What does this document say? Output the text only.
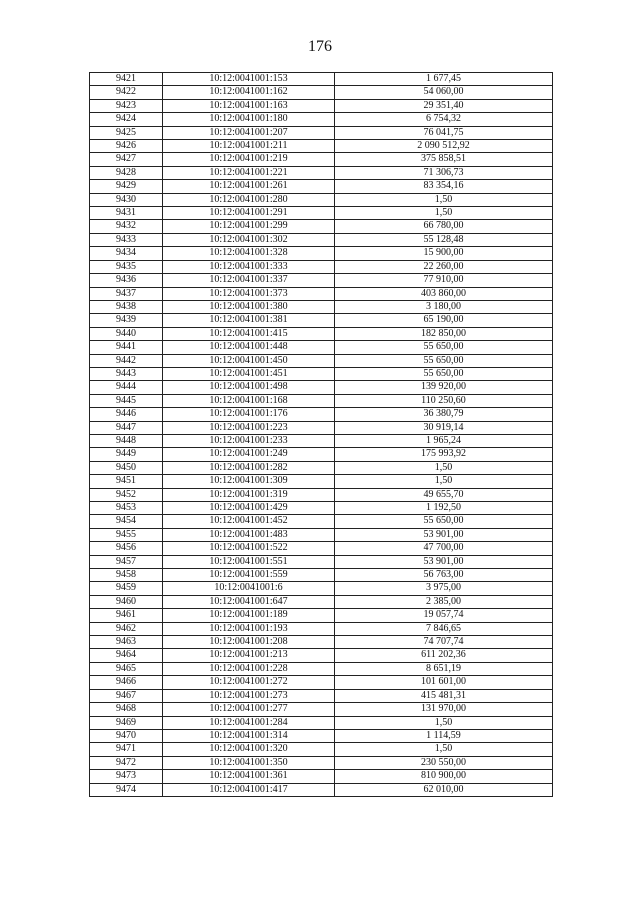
176
9421	10:12:0041001:153	1 677,45
9422	10:12:0041001:162	54 060,00
9423	10:12:0041001:163	29 351,40
9424	10:12:0041001:180	6 754,32
9425	10:12:0041001:207	76 041,75
9426	10:12:0041001:211	2 090 512,92
9427	10:12:0041001:219	375 858,51
9428	10:12:0041001:221	71 306,73
9429	10:12:0041001:261	83 354,16
9430	10:12:0041001:280	1,50
9431	10:12:0041001:291	1,50
9432	10:12:0041001:299	66 780,00
9433	10:12:0041001:302	55 128,48
9434	10:12:0041001:328	15 900,00
9435	10:12:0041001:333	22 260,00
9436	10:12:0041001:337	77 910,00
9437	10:12:0041001:373	403 860,00
9438	10:12:0041001:380	3 180,00
9439	10:12:0041001:381	65 190,00
9440	10:12:0041001:415	182 850,00
9441	10:12:0041001:448	55 650,00
9442	10:12:0041001:450	55 650,00
9443	10:12:0041001:451	55 650,00
9444	10:12:0041001:498	139 920,00
9445	10:12:0041001:168	110 250,60
9446	10:12:0041001:176	36 380,79
9447	10:12:0041001:223	30 919,14
9448	10:12:0041001:233	1 965,24
9449	10:12:0041001:249	175 993,92
9450	10:12:0041001:282	1,50
9451	10:12:0041001:309	1,50
9452	10:12:0041001:319	49 655,70
9453	10:12:0041001:429	1 192,50
9454	10:12:0041001:452	55 650,00
9455	10:12:0041001:483	53 901,00
9456	10:12:0041001:522	47 700,00
9457	10:12:0041001:551	53 901,00
9458	10:12:0041001:559	56 763,00
9459	10:12:0041001:6	3 975,00
9460	10:12:0041001:647	2 385,00
9461	10:12:0041001:189	19 057,74
9462	10:12:0041001:193	7 846,65
9463	10:12:0041001:208	74 707,74
9464	10:12:0041001:213	611 202,36
9465	10:12:0041001:228	8 651,19
9466	10:12:0041001:272	101 601,00
9467	10:12:0041001:273	415 481,31
9468	10:12:0041001:277	131 970,00
9469	10:12:0041001:284	1,50
9470	10:12:0041001:314	1 114,59
9471	10:12:0041001:320	1,50
9472	10:12:0041001:350	230 550,00
9473	10:12:0041001:361	810 900,00
9474	10:12:0041001:417	62 010,00
